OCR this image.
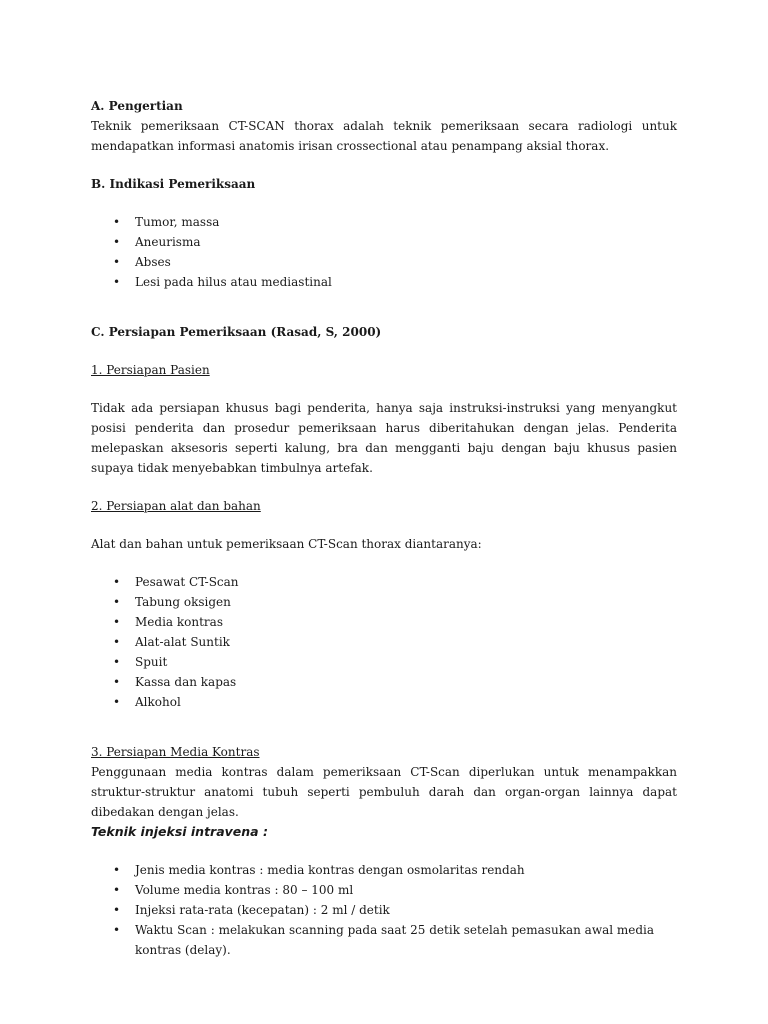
A. Pengertian

Teknik pemeriksaan CT-SCAN thorax adalah teknik pemeriksaan secara radiologi untuk mendapatkan informasi anatomis irisan crossectional atau penampang aksial thorax.

B. Indikasi Pemeriksaan

• Tumor, massa
• Aneurisma
• Abses
• Lesi pada hilus atau mediastinal

C. Persiapan Pemeriksaan (Rasad, S, 2000)

1. Persiapan Pasien

Tidak ada persiapan khusus bagi penderita, hanya saja instruksi-instruksi yang menyangkut posisi penderita dan prosedur pemeriksaan harus diberitahukan dengan jelas. Penderita melepaskan aksesoris seperti kalung, bra dan mengganti baju dengan baju khusus pasien supaya tidak menyebabkan timbulnya artefak.

2. Persiapan alat dan bahan

Alat dan bahan untuk pemeriksaan CT-Scan thorax diantaranya:

• Pesawat CT-Scan
• Tabung oksigen
• Media kontras
• Alat-alat Suntik
• Spuit
• Kassa dan kapas
• Alkohol

3. Persiapan Media Kontras

Penggunaan media kontras dalam pemeriksaan CT-Scan diperlukan untuk menampakkan struktur-struktur anatomi tubuh seperti pembuluh darah dan organ-organ lainnya dapat dibedakan dengan jelas.

Teknik injeksi intravena :

• Jenis media kontras : media kontras dengan osmolaritas rendah
• Volume media kontras : 80 – 100 ml
• Injeksi rata-rata (kecepatan) : 2 ml / detik
• Waktu Scan : melakukan scanning pada saat 25 detik setelah pemasukan awal media kontras (delay).
